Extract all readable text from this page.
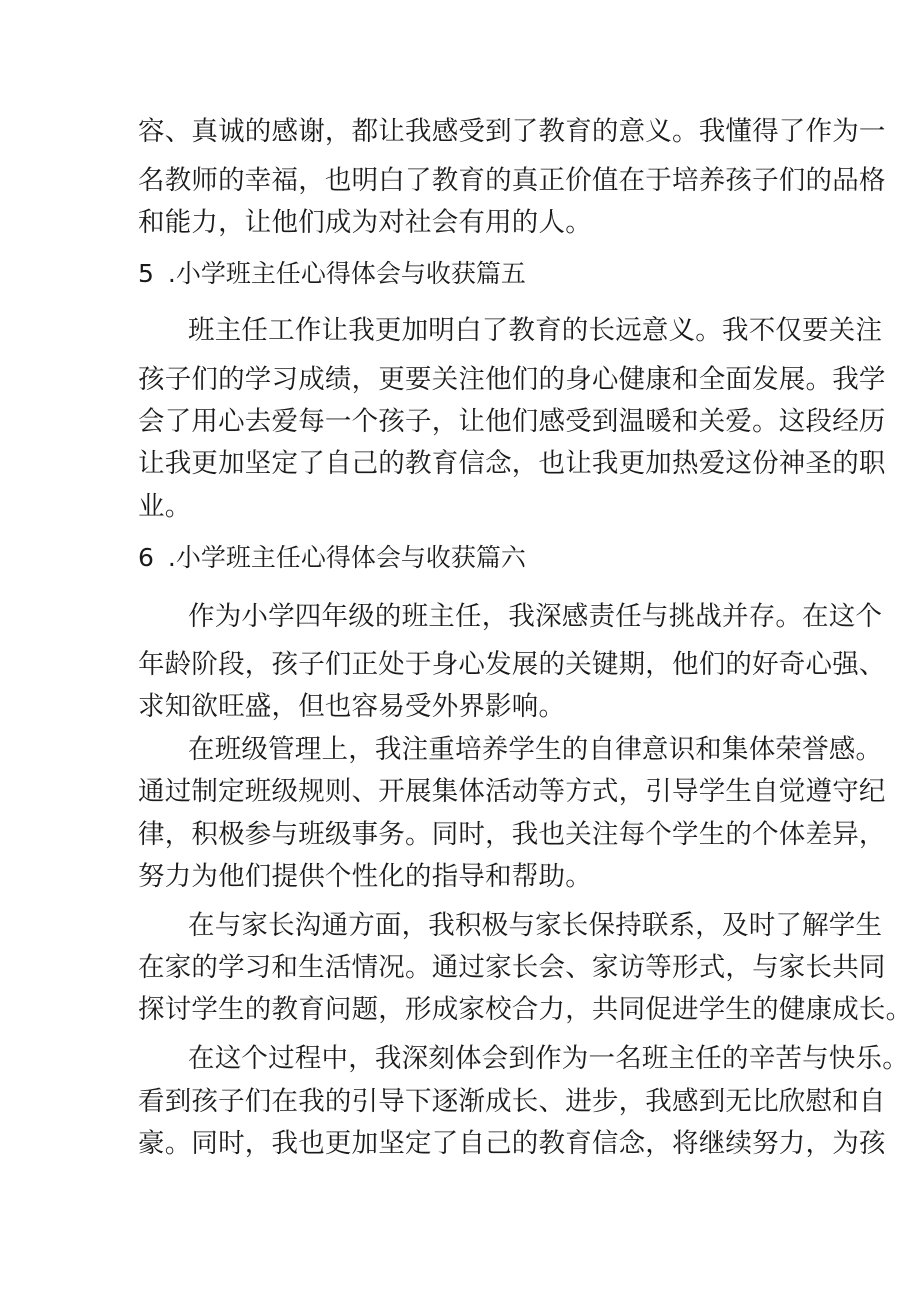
容、真诚的感谢，都让我感受到了教育的意义。我懂得了作为一

名教师的幸福，也明白了教育的真正价值在于培养孩子们的品格

和能力，让他们成为对社会有用的人。

5 .小学班主任心得体会与收获篇五

班主任工作让我更加明白了教育的长远意义。我不仅要关注

孩子们的学习成绩，更要关注他们的身心健康和全面发展。我学

会了用心去爱每一个孩子，让他们感受到温暖和关爱。这段经历

让我更加坚定了自己的教育信念，也让我更加热爱这份神圣的职

业。

6 .小学班主任心得体会与收获篇六

作为小学四年级的班主任，我深感责任与挑战并存。在这个

年龄阶段，孩子们正处于身心发展的关键期，他们的好奇心强、

求知欲旺盛，但也容易受外界影响。

在班级管理上，我注重培养学生的自律意识和集体荣誉感。

通过制定班级规则、开展集体活动等方式，引导学生自觉遵守纪

律，积极参与班级事务。同时，我也关注每个学生的个体差异，

努力为他们提供个性化的指导和帮助。

在与家长沟通方面，我积极与家长保持联系，及时了解学生

在家的学习和生活情况。通过家长会、家访等形式，与家长共同

探讨学生的教育问题，形成家校合力，共同促进学生的健康成长。

在这个过程中，我深刻体会到作为一名班主任的辛苦与快乐。

看到孩子们在我的引导下逐渐成长、进步，我感到无比欣慰和自

豪。同时，我也更加坚定了自己的教育信念，将继续努力，为孩
